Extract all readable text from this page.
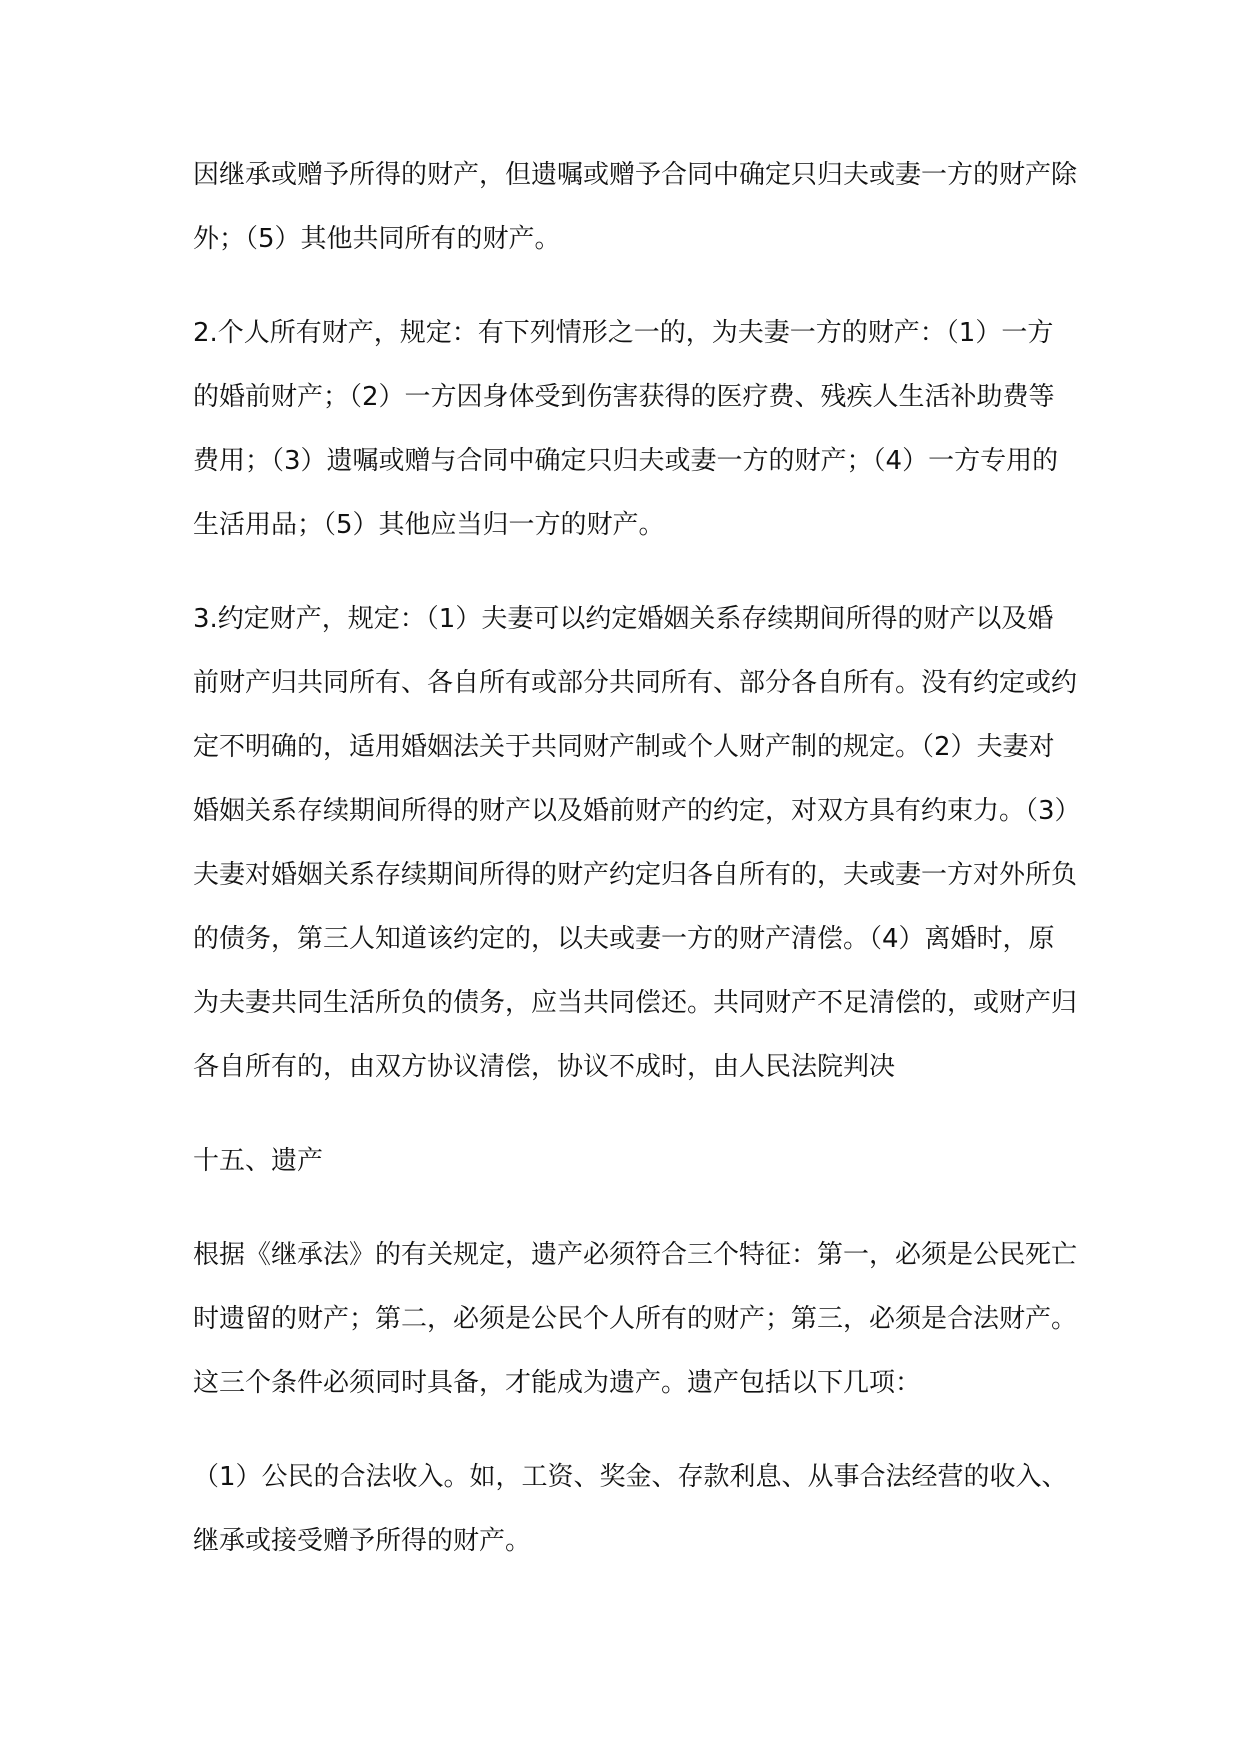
因继承或赠予所得的财产，但遗嘱或赠予合同中确定只归夫或妻一方的财产除

外；（5）其他共同所有的财产。

2.个人所有财产，规定：有下列情形之一的，为夫妻一方的财产：（1）一方

的婚前财产；（2）一方因身体受到伤害获得的医疗费、残疾人生活补助费等

费用；（3）遗嘱或赠与合同中确定只归夫或妻一方的财产；（4）一方专用的

生活用品；（5）其他应当归一方的财产。

3.约定财产，规定：（1）夫妻可以约定婚姻关系存续期间所得的财产以及婚

前财产归共同所有、各自所有或部分共同所有、部分各自所有。没有约定或约

定不明确的，适用婚姻法关于共同财产制或个人财产制的规定。（2）夫妻对

婚姻关系存续期间所得的财产以及婚前财产的约定，对双方具有约束力。（3）

夫妻对婚姻关系存续期间所得的财产约定归各自所有的，夫或妻一方对外所负

的债务，第三人知道该约定的，以夫或妻一方的财产清偿。（4）离婚时，原

为夫妻共同生活所负的债务，应当共同偿还。共同财产不足清偿的，或财产归

各自所有的，由双方协议清偿，协议不成时，由人民法院判决

十五、遗产

根据《继承法》的有关规定，遗产必须符合三个特征：第一，必须是公民死亡

时遗留的财产；第二，必须是公民个人所有的财产；第三，必须是合法财产。

这三个条件必须同时具备，才能成为遗产。遗产包括以下几项：

（1）公民的合法收入。如，工资、奖金、存款利息、从事合法经营的收入、

继承或接受赠予所得的财产。
